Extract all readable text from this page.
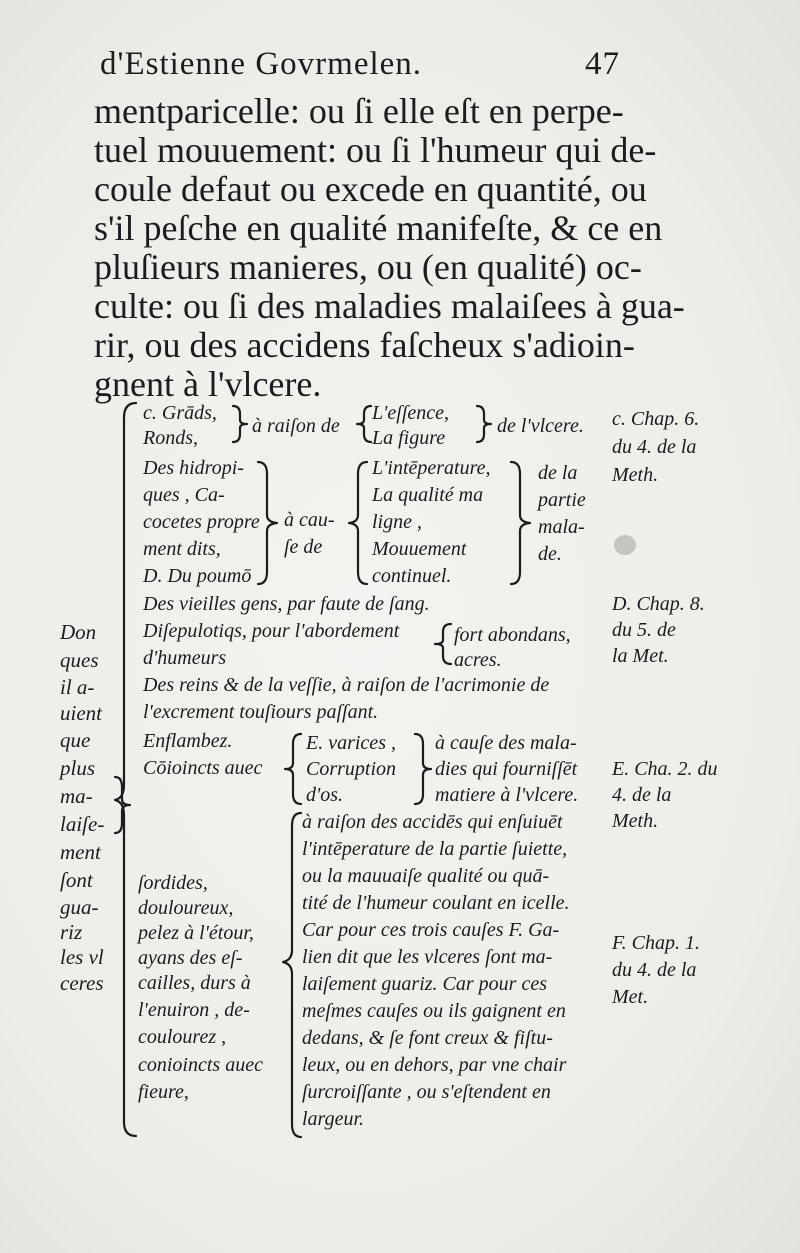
d'Estienne Govrmelen.	47
mentparicelle: ou ſi elle eſt en perpe-
tuel mouuement: ou ſi l'humeur qui de-
coule defaut ou excede en quantité, ou
s'il peſche en qualité manifeſte, & ce en
pluſieurs manieres, ou (en qualité) oc-
culte: ou ſi des maladies malaiſees à gua-
rir, ou des accidens faſcheux s'adioin-
gnent à l'vlcere.
Don
ques
il a-
uient
que
plus
ma-
laiſe-
ment
ſont
gua-
riz
les vl
ceres
c. Grāds,
Ronds,
à raiſon de
L'eſſence,
La figure
de l'vlcere.
Des hidropi-
ques , Ca-
cocetes propre
ment dits,
D. Du poumō
à cau-
ſe de
L'intēperature,
La qualité ma
ligne ,
Mouuement
continuel.
de la
partie
mala-
de.
Des vieilles gens, par faute de ſang.
Diſepulotiqs, pour l'abordement
d'humeurs
fort abondans,
acres.
Des reins & de la veſſie, à raiſon de l'acrimonie de
l'excrement touſiours paſſant.
Enflambez.
Cōioincts auec
E. varices ,
Corruption
d'os.
à cauſe des mala-
dies qui fourniſſēt
matiere à l'vlcere.
ſordides,
douloureux,
pelez à l'étour,
ayans des eſ-
cailles, durs à
l'enuiron , de-
coulourez ,
conioincts auec
fieure,
à raiſon des accidēs qui enſuiuēt
l'intēperature de la partie ſuiette,
ou la mauuaiſe qualité ou quā-
tité de l'humeur coulant en icelle.
Car pour ces trois cauſes F. Ga-
lien dit que les vlceres ſont ma-
laiſement guariz. Car pour ces
meſmes cauſes ou ils gaignent en
dedans, & ſe font creux & fiſtu-
leux, ou en dehors, par vne chair
ſurcroiſſante , ou s'eſtendent en
largeur.
c. Chap. 6.
du 4. de la
Meth.
D. Chap. 8.
du 5. de
la Met.
E. Cha. 2. du
4. de la
Meth.
F. Chap. 1.
du 4. de la
Met.
